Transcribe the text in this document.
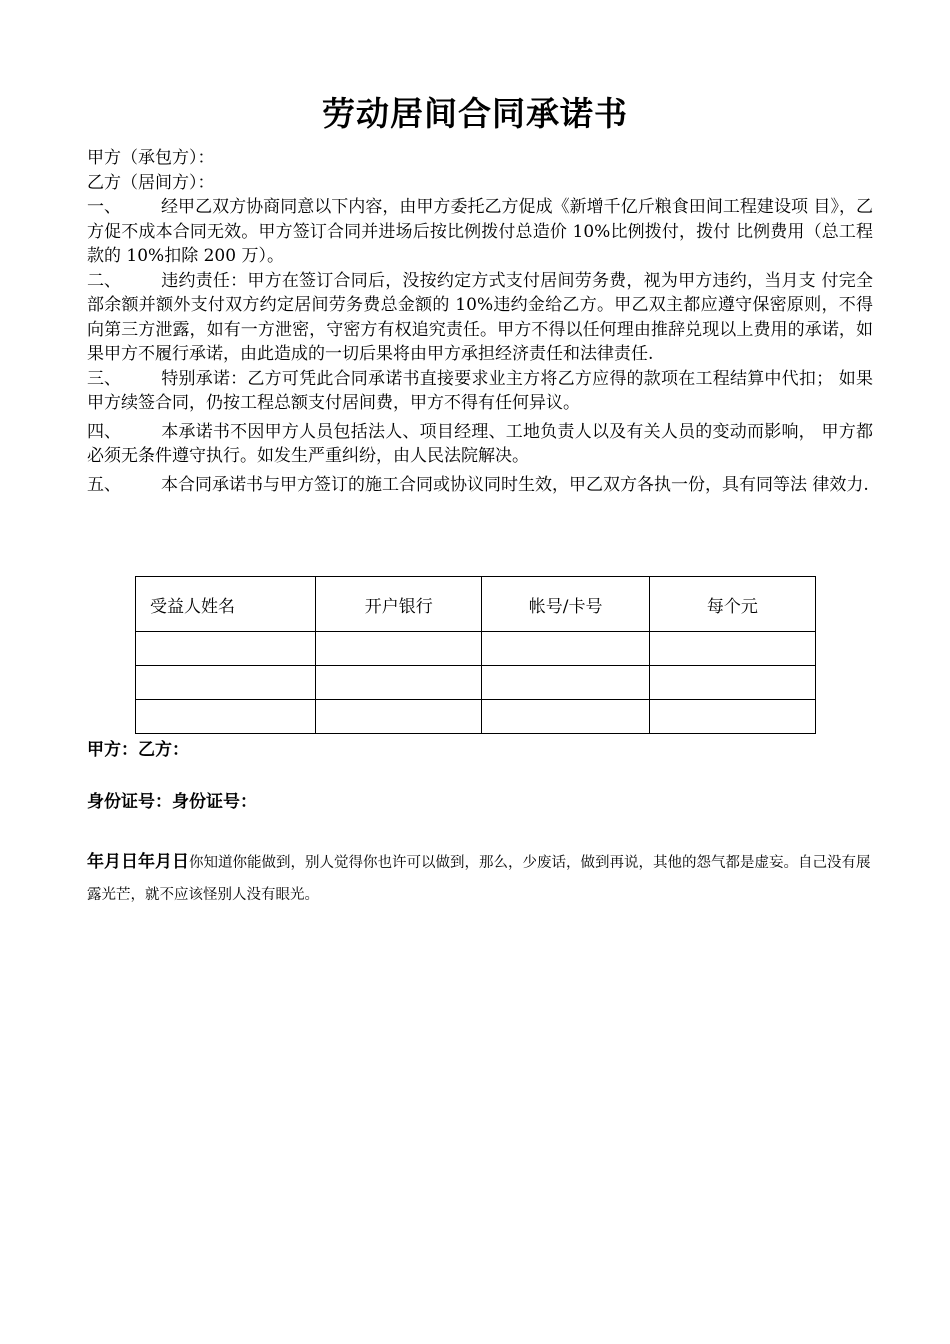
劳动居间合同承诺书
甲方（承包方）：
乙方（居间方）：
一、 经甲乙双方协商同意以下内容，由甲方委托乙方促成《新增千亿斤粮食田间工程建设项 目》，乙方促不成本合同无效。甲方签订合同并进场后按比例拨付总造价 10%比例拨付，拨付 比例费用（总工程款的 10%扣除 200 万）。
二、 违约责任：甲方在签订合同后，没按约定方式支付居间劳务费，视为甲方违约，当月支 付完全部余额并额外支付双方约定居间劳务费总金额的 10%违约金给乙方。甲乙双主都应遵守保密原则，不得向第三方泄露，如有一方泄密，守密方有权追究责任。甲方不得以任何理由推辞兑现以上费用的承诺，如果甲方不履行承诺，由此造成的一切后果将由甲方承担经济责任和法律责任.
三、 特别承诺：乙方可凭此合同承诺书直接要求业主方将乙方应得的款项在工程结算中代扣； 如果甲方续签合同，仍按工程总额支付居间费，甲方不得有任何异议。
四、 本承诺书不因甲方人员包括法人、项目经理、工地负责人以及有关人员的变动而影响， 甲方都必须无条件遵守执行。如发生严重纠纷，由人民法院解决。
五、 本合同承诺书与甲方签订的施工合同或协议同时生效，甲乙双方各执一份，具有同等法 律效力.
受益人姓名	开户银行	帐号/卡号	每个元

甲方：乙方：
身份证号：身份证号：
年月日年月日你知道你能做到，别人觉得你也许可以做到，那么，少废话，做到再说，其他的怨气都是虚妄。自己没有展露光芒，就不应该怪别人没有眼光。
